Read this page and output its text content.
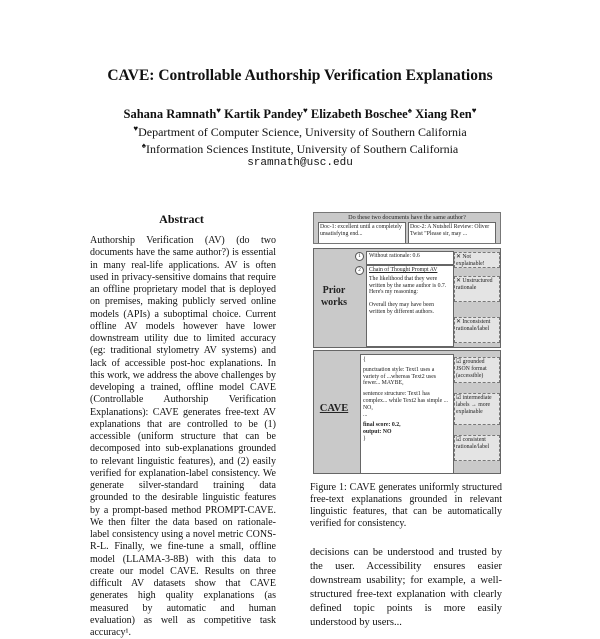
CAVE: Controllable Authorship Verification Explanations
Sahana Ramnath♥ Kartik Pandey♥ Elizabeth Boschee♠ Xiang Ren♥
♥Department of Computer Science, University of Southern California
♠Information Sciences Institute, University of Southern California
sramnath@usc.edu
Abstract

Authorship Verification (AV) (do two documents have the same author?) is essential in many real-life applications. AV is often used in privacy-sensitive domains that require an offline proprietary model that is deployed on premises, making publicly served online models (APIs) a suboptimal choice. Current offline AV models however have lower downstream utility due to limited accuracy (eg: traditional stylometry AV systems) and lack of accessible post-hoc explanations. In this work, we address the above challenges by developing a trained, offline model CAVE (Controllable Authorship Verification Explanations): CAVE generates free-text AV explanations that are controlled to be (1) accessible (uniform structure that can be decomposed into sub-explanations grounded to relevant linguistic features), and (2) easily verified for explanation-label consistency. We generate silver-standard training data grounded to the desirable linguistic features by a prompt-based method PROMPT-CAVE. We then filter the data based on rationale-label consistency using a novel metric CONS-R-L. Finally, we fine-tune a small, offline model (LLAMA-3-8B) with this data to create our model CAVE. Results on three difficult AV datasets show that CAVE generates high quality explanations (as measured by automatic and human evaluation) as well as competitive task accuracy¹.

Do these two documents have the same author?
Doc-1: excellent until a completely unsatisfying end...
Doc-2: A Nutshell Review: Oliver Twist "Please sir, may ...
Prior works
1	Without rationale: 0.6
2	Chain of Thought Prompt AV
The likelihood that they were written by the same author is 0.7. Here's my reasoning:
Overall they may have been written by different authors.
✕ Not explainable!
✕ Unstructured rationale
✕ Inconsistent rationale/label
CAVE
{
punctuation style: Text1 uses a variety of ...whereas Text2 uses fewer... MAYBE,
sentence structure: Text1 has complex... while Text2 has simple ... NO,
...
final score: 0.2,
output: NO
}
☑ grounded JSON format (accessible)
☑ intermediate labels → more explainable
☑ consistent rationale/label
Figure 1: CAVE generates uniformly structured free-text explanations grounded in relevant linguistic features, that can be automatically verified for consistency.

decisions can be understood and trusted by the user. Accessibility ensures easier downstream usability; for example, a well-structured free-text explanation with clearly defined topic points is more easily understood by users...
